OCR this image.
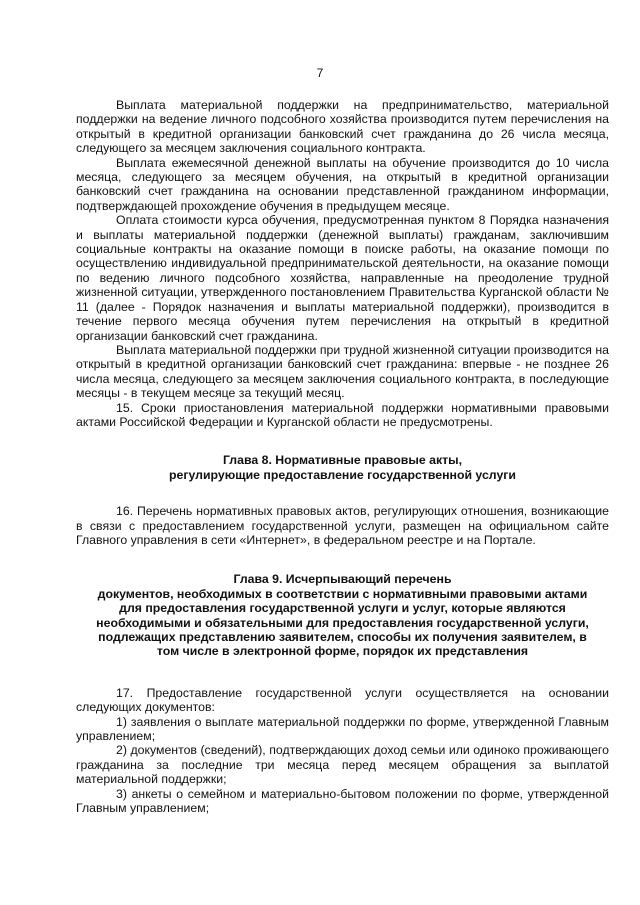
7

Выплата материальной поддержки на предпринимательство, материальной поддержки на ведение личного подсобного хозяйства производится путем перечисления на открытый в кредитной организации банковский счет гражданина до 26 числа месяца, следующего за месяцем заключения социального контракта.

Выплата ежемесячной денежной выплаты на обучение производится до 10 числа месяца, следующего за месяцем обучения, на открытый в кредитной организации банковский счет гражданина на основании представленной гражданином информации, подтверждающей прохождение обучения в предыдущем месяце.

Оплата стоимости курса обучения, предусмотренная пунктом 8 Порядка назначения и выплаты материальной поддержки (денежной выплаты) гражданам, заключившим социальные контракты на оказание помощи в поиске работы, на оказание помощи по осуществлению индивидуальной предпринимательской деятельности, на оказание помощи по ведению личного подсобного хозяйства, направленные на преодоление трудной жизненной ситуации, утвержденного постановлением Правительства Курганской области № 11 (далее - Порядок назначения и выплаты материальной поддержки), производится в течение первого месяца обучения путем перечисления на открытый в кредитной организации банковский счет гражданина.

Выплата материальной поддержки при трудной жизненной ситуации производится на открытый в кредитной организации банковский счет гражданина: впервые - не позднее 26 числа месяца, следующего за месяцем заключения социального контракта, в последующие месяцы - в текущем месяце за текущий месяц.

15. Сроки приостановления материальной поддержки нормативными правовыми актами Российской Федерации и Курганской области не предусмотрены.

Глава 8. Нормативные правовые акты,
регулирующие предоставление государственной услуги

16. Перечень нормативных правовых актов, регулирующих отношения, возникающие в связи с предоставлением государственной услуги, размещен на официальном сайте Главного управления в сети «Интернет», в федеральном реестре и на Портале.

Глава 9. Исчерпывающий перечень
документов, необходимых в соответствии с нормативными правовыми актами
для предоставления государственной услуги и услуг, которые являются
необходимыми и обязательными для предоставления государственной услуги,
подлежащих представлению заявителем, способы их получения заявителем, в
том числе в электронной форме, порядок их представления

17. Предоставление государственной услуги осуществляется на основании следующих документов:

1) заявления о выплате материальной поддержки по форме, утвержденной Главным управлением;

2) документов (сведений), подтверждающих доход семьи или одиноко проживающего гражданина за последние три месяца перед месяцем обращения за выплатой материальной поддержки;

3) анкеты о семейном и материально-бытовом положении по форме, утвержденной Главным управлением;
